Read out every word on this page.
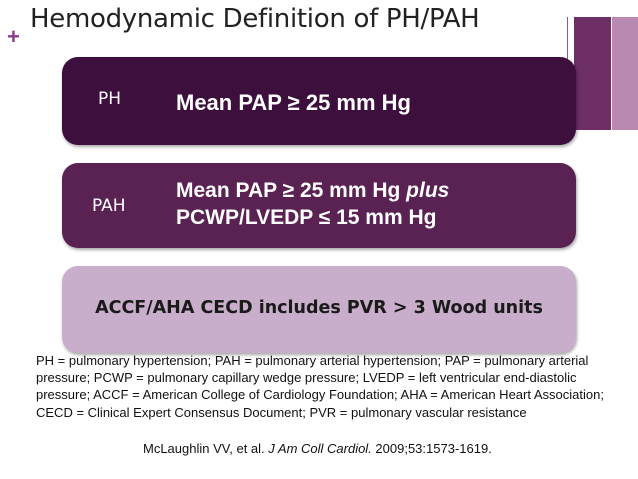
+
Hemodynamic Definition of PH/PAH
PH Mean PAP ≥ 25 mm Hg
PAH
Mean PAP ≥ 25 mm Hg plus
PCWP/LVEDP ≤ 15 mm Hg
ACCF/AHA CECD includes PVR > 3 Wood units
PH = pulmonary hypertension; PAH = pulmonary arterial hypertension; PAP = pulmonary arterial pressure; PCWP = pulmonary capillary wedge pressure; LVEDP = left ventricular end-diastolic pressure; ACCF = American College of Cardiology Foundation; AHA = American Heart Association; CECD = Clinical Expert Consensus Document; PVR = pulmonary vascular resistance
McLaughlin VV, et al. J Am Coll Cardiol. 2009;53:1573-1619.
